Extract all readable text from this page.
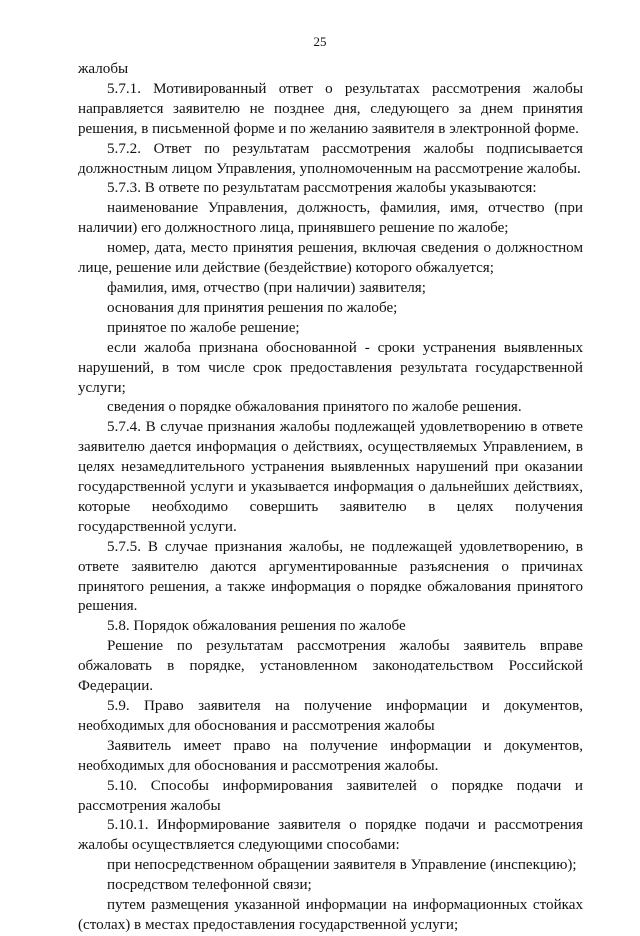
25

жалобы

5.7.1. Мотивированный ответ о результатах рассмотрения жалобы направляется заявителю не позднее дня, следующего за днем принятия решения, в письменной форме и по желанию заявителя в электронной форме.

5.7.2. Ответ по результатам рассмотрения жалобы подписывается должностным лицом Управления, уполномоченным на рассмотрение жалобы.

5.7.3. В ответе по результатам рассмотрения жалобы указываются:

наименование Управления, должность, фамилия, имя, отчество (при наличии) его должностного лица, принявшего решение по жалобе;

номер, дата, место принятия решения, включая сведения о должностном лице, решение или действие (бездействие) которого обжалуется;

фамилия, имя, отчество (при наличии) заявителя;

основания для принятия решения по жалобе;

принятое по жалобе решение;

если жалоба признана обоснованной - сроки устранения выявленных нарушений, в том числе срок предоставления результата государственной услуги;

сведения о порядке обжалования принятого по жалобе решения.

5.7.4. В случае признания жалобы подлежащей удовлетворению в ответе заявителю дается информация о действиях, осуществляемых Управлением, в целях незамедлительного устранения выявленных нарушений при оказании государственной услуги и указывается информация о дальнейших действиях, которые необходимо совершить заявителю в целях получения государственной услуги.

5.7.5. В случае признания жалобы, не подлежащей удовлетворению, в ответе заявителю даются аргументированные разъяснения о причинах принятого решения, а также информация о порядке обжалования принятого решения.

5.8. Порядок обжалования решения по жалобе

Решение по результатам рассмотрения жалобы заявитель вправе обжаловать в порядке, установленном законодательством Российской Федерации.

5.9. Право заявителя на получение информации и документов, необходимых для обоснования и рассмотрения жалобы

Заявитель имеет право на получение информации и документов, необходимых для обоснования и рассмотрения жалобы.

5.10. Способы информирования заявителей о порядке подачи и рассмотрения жалобы

5.10.1. Информирование заявителя о порядке подачи и рассмотрения жалобы осуществляется следующими способами:

при непосредственном обращении заявителя в Управление (инспекцию);

посредством телефонной связи;

путем размещения указанной информации на информационных стойках (столах) в местах предоставления государственной услуги;
